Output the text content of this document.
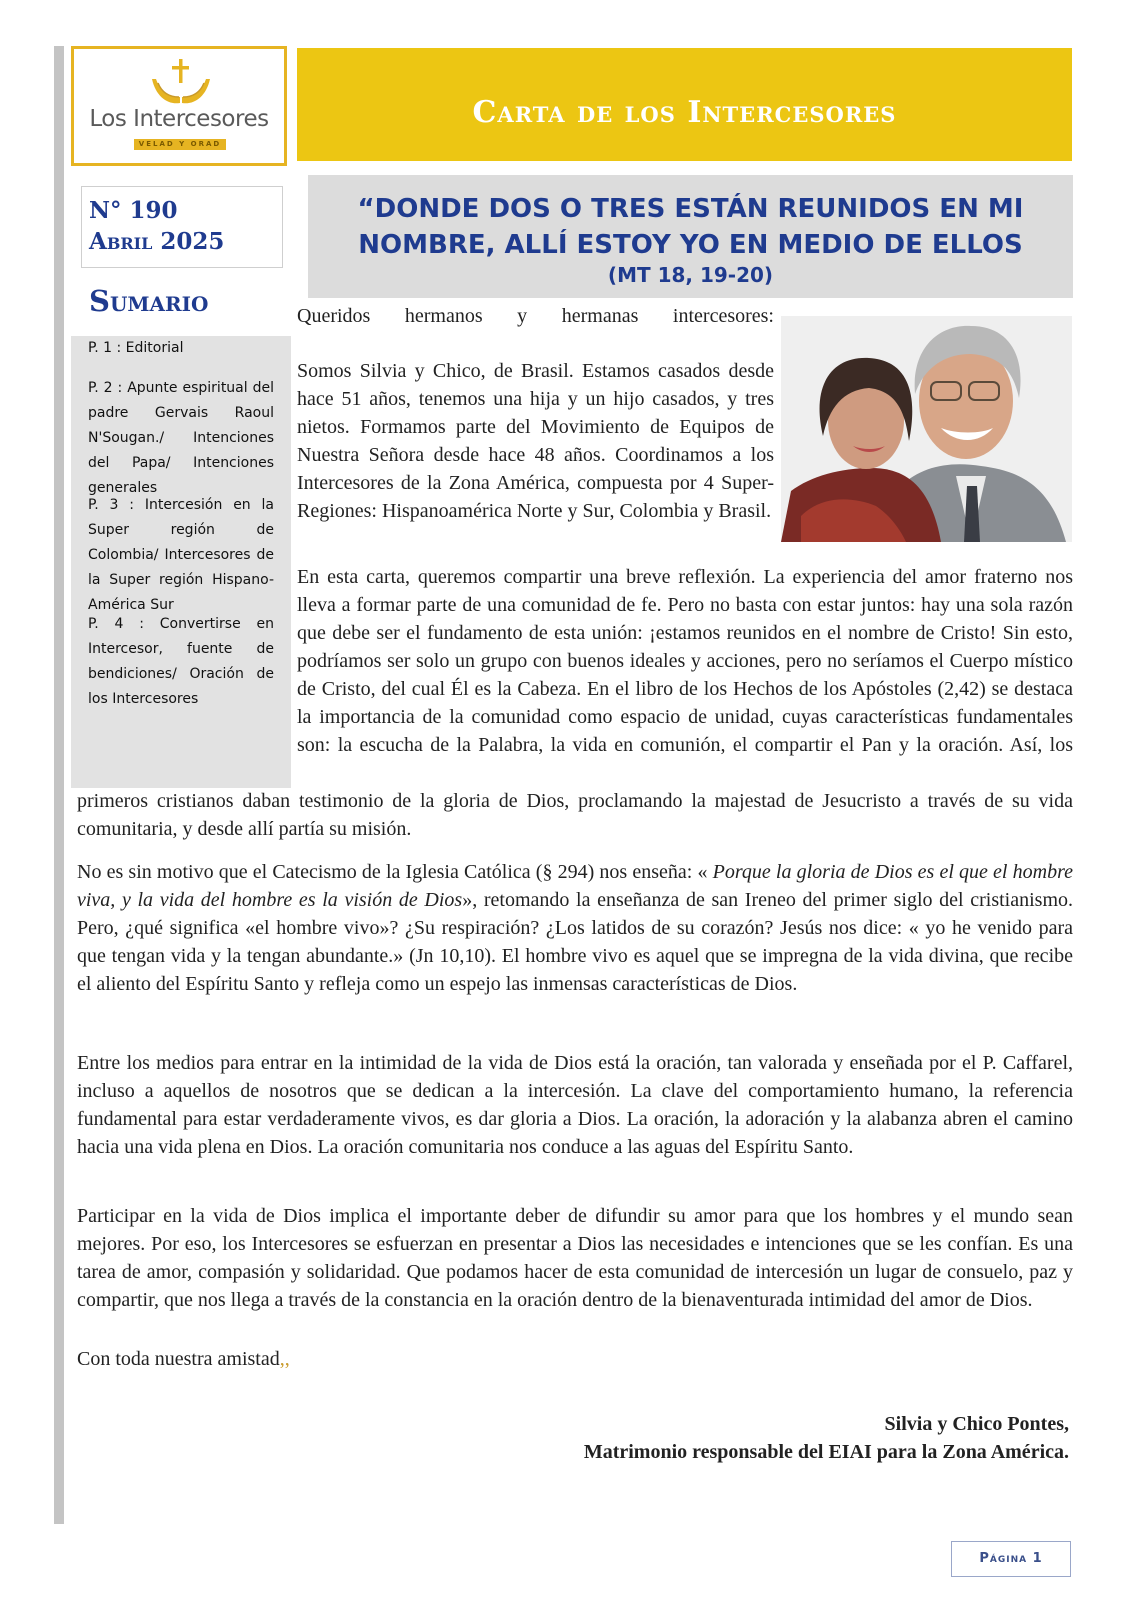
Los Intercesores
VELAD Y ORAD
Carta de los Intercesores
N° 190
Abril 2025
Sumario
P. 1 : Editorial
P. 2 : Apunte espiritual del padre Gervais Raoul N'Sougan./ Intenciones del Papa/ Intenciones generales
P. 3 : Intercesión en la Super región de Colombia/ Intercesores de la Super región Hispano-América Sur
P. 4 : Convertirse en Intercesor, fuente de bendiciones/ Oración de los Intercesores
“DONDE DOS O TRES ESTÁN REUNIDOS EN MI NOMBRE, ALLÍ ESTOY YO EN MEDIO DE ELLOS
(MT 18, 19-20)
Queridos hermanos y hermanas intercesores:
Somos Silvia y Chico, de Brasil. Estamos casados desde hace 51 años, tenemos una hija y un hijo casados, y tres nietos. Formamos parte del Movimiento de Equipos de Nuestra Señora desde hace 48 años. Coordinamos a los Intercesores de la Zona América, compuesta por 4 Super-Regiones: Hispanoamérica Norte y Sur, Colombia y Brasil.
En esta carta, queremos compartir una breve reflexión. La experiencia del amor fraterno nos lleva a formar parte de una comunidad de fe. Pero no basta con estar juntos: hay una sola razón que debe ser el fundamento de esta unión: ¡estamos reunidos en el nombre de Cristo! Sin esto, podríamos ser solo un grupo con buenos ideales y acciones, pero no seríamos el Cuerpo místico de Cristo, del cual Él es la Cabeza. En el libro de los Hechos de los Apóstoles (2,42) se destaca la importancia de la comunidad como espacio de unidad, cuyas características fundamentales son: la escucha de la Palabra, la vida en comunión, el compartir el Pan y la oración. Así, los
primeros cristianos daban testimonio de la gloria de Dios, proclamando la majestad de Jesucristo a través de su vida comunitaria, y desde allí partía su misión.
No es sin motivo que el Catecismo de la Iglesia Católica (§ 294) nos enseña: « Porque la gloria de Dios es el que el hombre viva, y la vida del hombre es la visión de Dios», retomando la enseñanza de san Ireneo del primer siglo del cristianismo. Pero, ¿qué significa «el hombre vivo»? ¿Su respiración? ¿Los latidos de su corazón? Jesús nos dice: « yo he venido para que tengan vida y la tengan abundante.» (Jn 10,10). El hombre vivo es aquel que se impregna de la vida divina, que recibe el aliento del Espíritu Santo y refleja como un espejo las inmensas características de Dios.
Entre los medios para entrar en la intimidad de la vida de Dios está la oración, tan valorada y enseñada por el P. Caffarel, incluso a aquellos de nosotros que se dedican a la intercesión. La clave del comportamiento humano, la referencia fundamental para estar verdaderamente vivos, es dar gloria a Dios. La oración, la adoración y la alabanza abren el camino hacia una vida plena en Dios. La oración comunitaria nos conduce a las aguas del Espíritu Santo.
Participar en la vida de Dios implica el importante deber de difundir su amor para que los hombres y el mundo sean mejores. Por eso, los Intercesores se esfuerzan en presentar a Dios las necesidades e intenciones que se les confían. Es una tarea de amor, compasión y solidaridad. Que podamos hacer de esta comunidad de intercesión un lugar de consuelo, paz y compartir, que nos llega a través de la constancia en la oración dentro de la bienaventurada intimidad del amor de Dios.
Con toda nuestra amistad,,
Silvia y Chico Pontes,
Matrimonio responsable del EIAI para la Zona América.
Página 1
